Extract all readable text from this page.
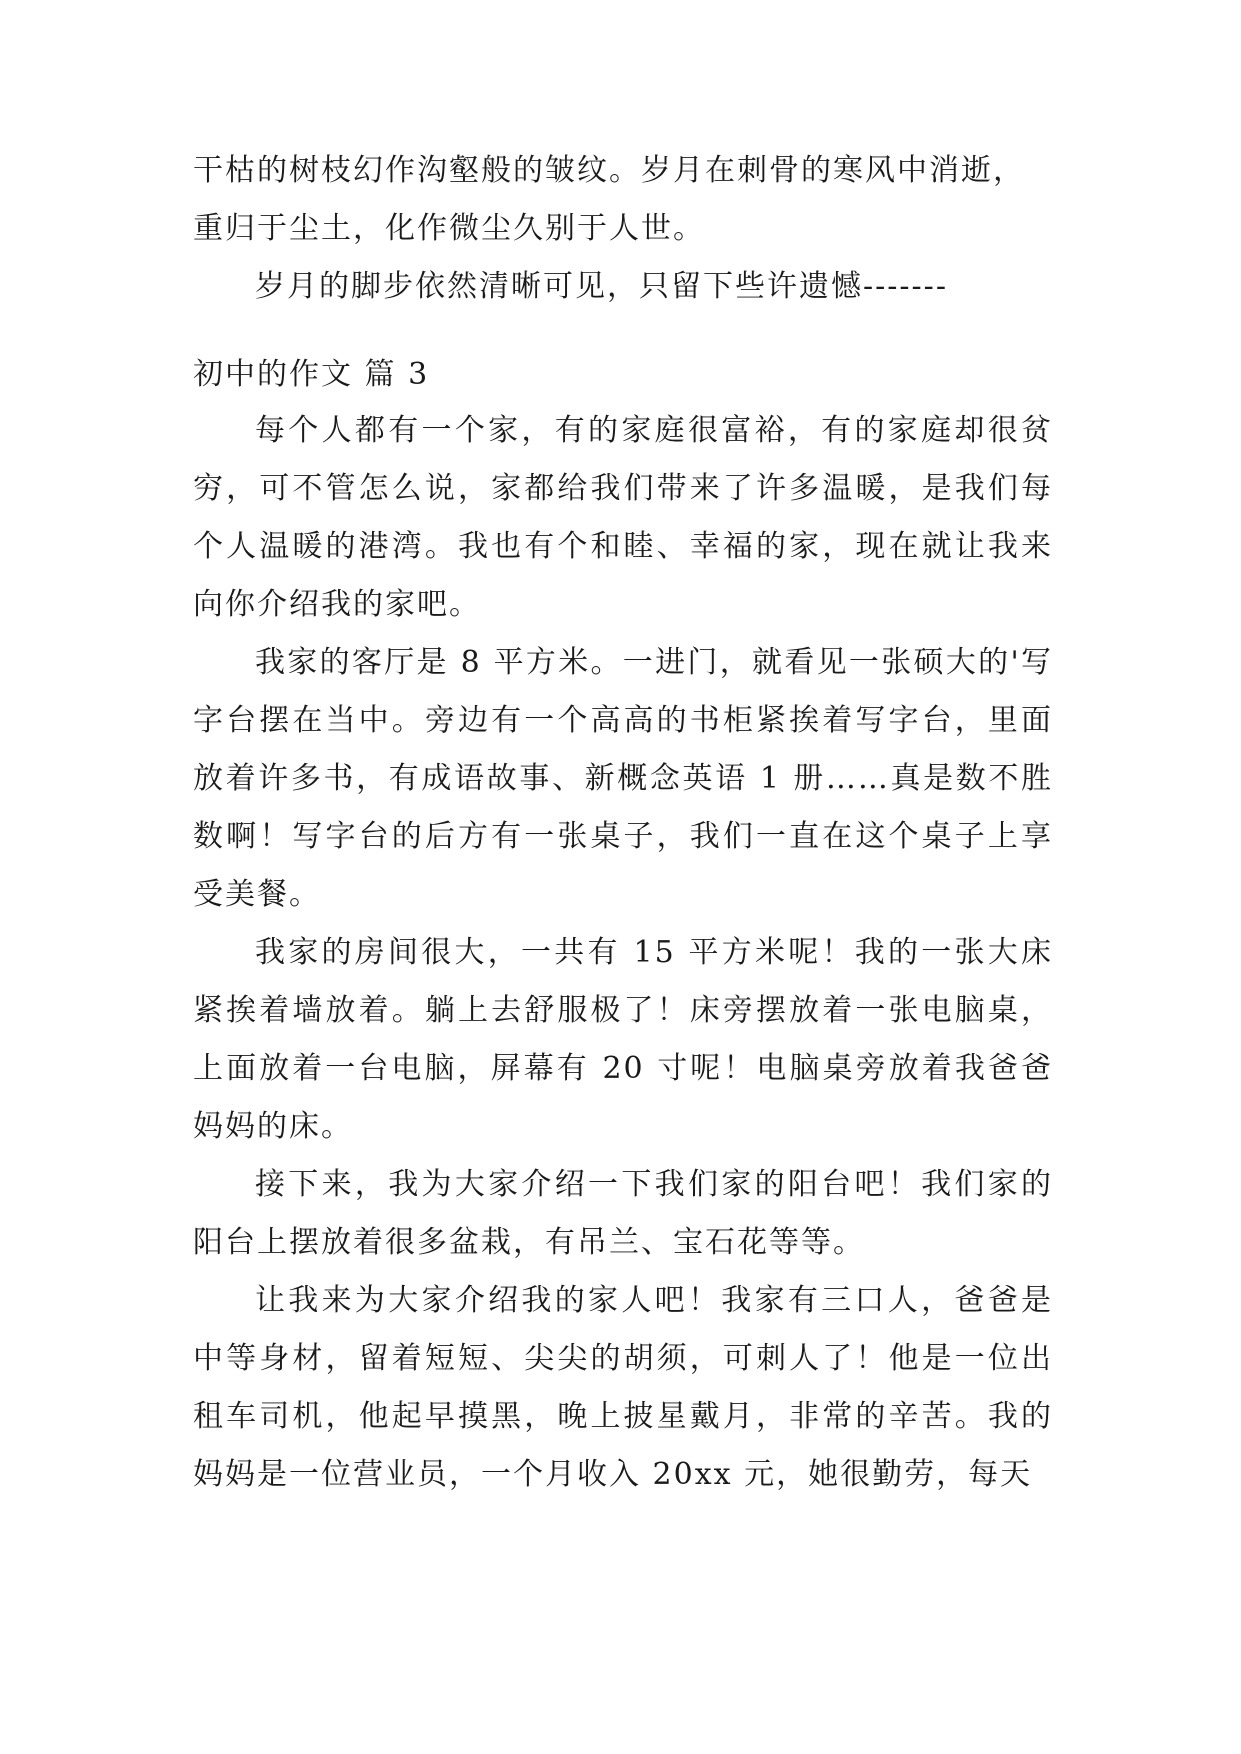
干枯的树枝幻作沟壑般的皱纹。岁月在刺骨的寒风中消逝，

重归于尘土，化作微尘久别于人世。

岁月的脚步依然清晰可见，只留下些许遗憾-------

初中的作文 篇 3

每个人都有一个家，有的家庭很富裕，有的家庭却很贫穷，可不管怎么说，家都给我们带来了许多温暖，是我们每个人温暖的港湾。我也有个和睦、幸福的家，现在就让我来向你介绍我的家吧。

我家的客厅是 8 平方米。一进门，就看见一张硕大的'写字台摆在当中。旁边有一个高高的书柜紧挨着写字台，里面放着许多书，有成语故事、新概念英语 1 册……真是数不胜数啊！写字台的后方有一张桌子，我们一直在这个桌子上享受美餐。

我家的房间很大，一共有 15 平方米呢！我的一张大床紧挨着墙放着。躺上去舒服极了！床旁摆放着一张电脑桌，上面放着一台电脑，屏幕有 20 寸呢！电脑桌旁放着我爸爸妈妈的床。

接下来，我为大家介绍一下我们家的阳台吧！我们家的阳台上摆放着很多盆栽，有吊兰、宝石花等等。

让我来为大家介绍我的家人吧！我家有三口人，爸爸是中等身材，留着短短、尖尖的胡须，可刺人了！他是一位出租车司机，他起早摸黑，晚上披星戴月，非常的辛苦。我的妈妈是一位营业员，一个月收入 20xx 元，她很勤劳，每天
